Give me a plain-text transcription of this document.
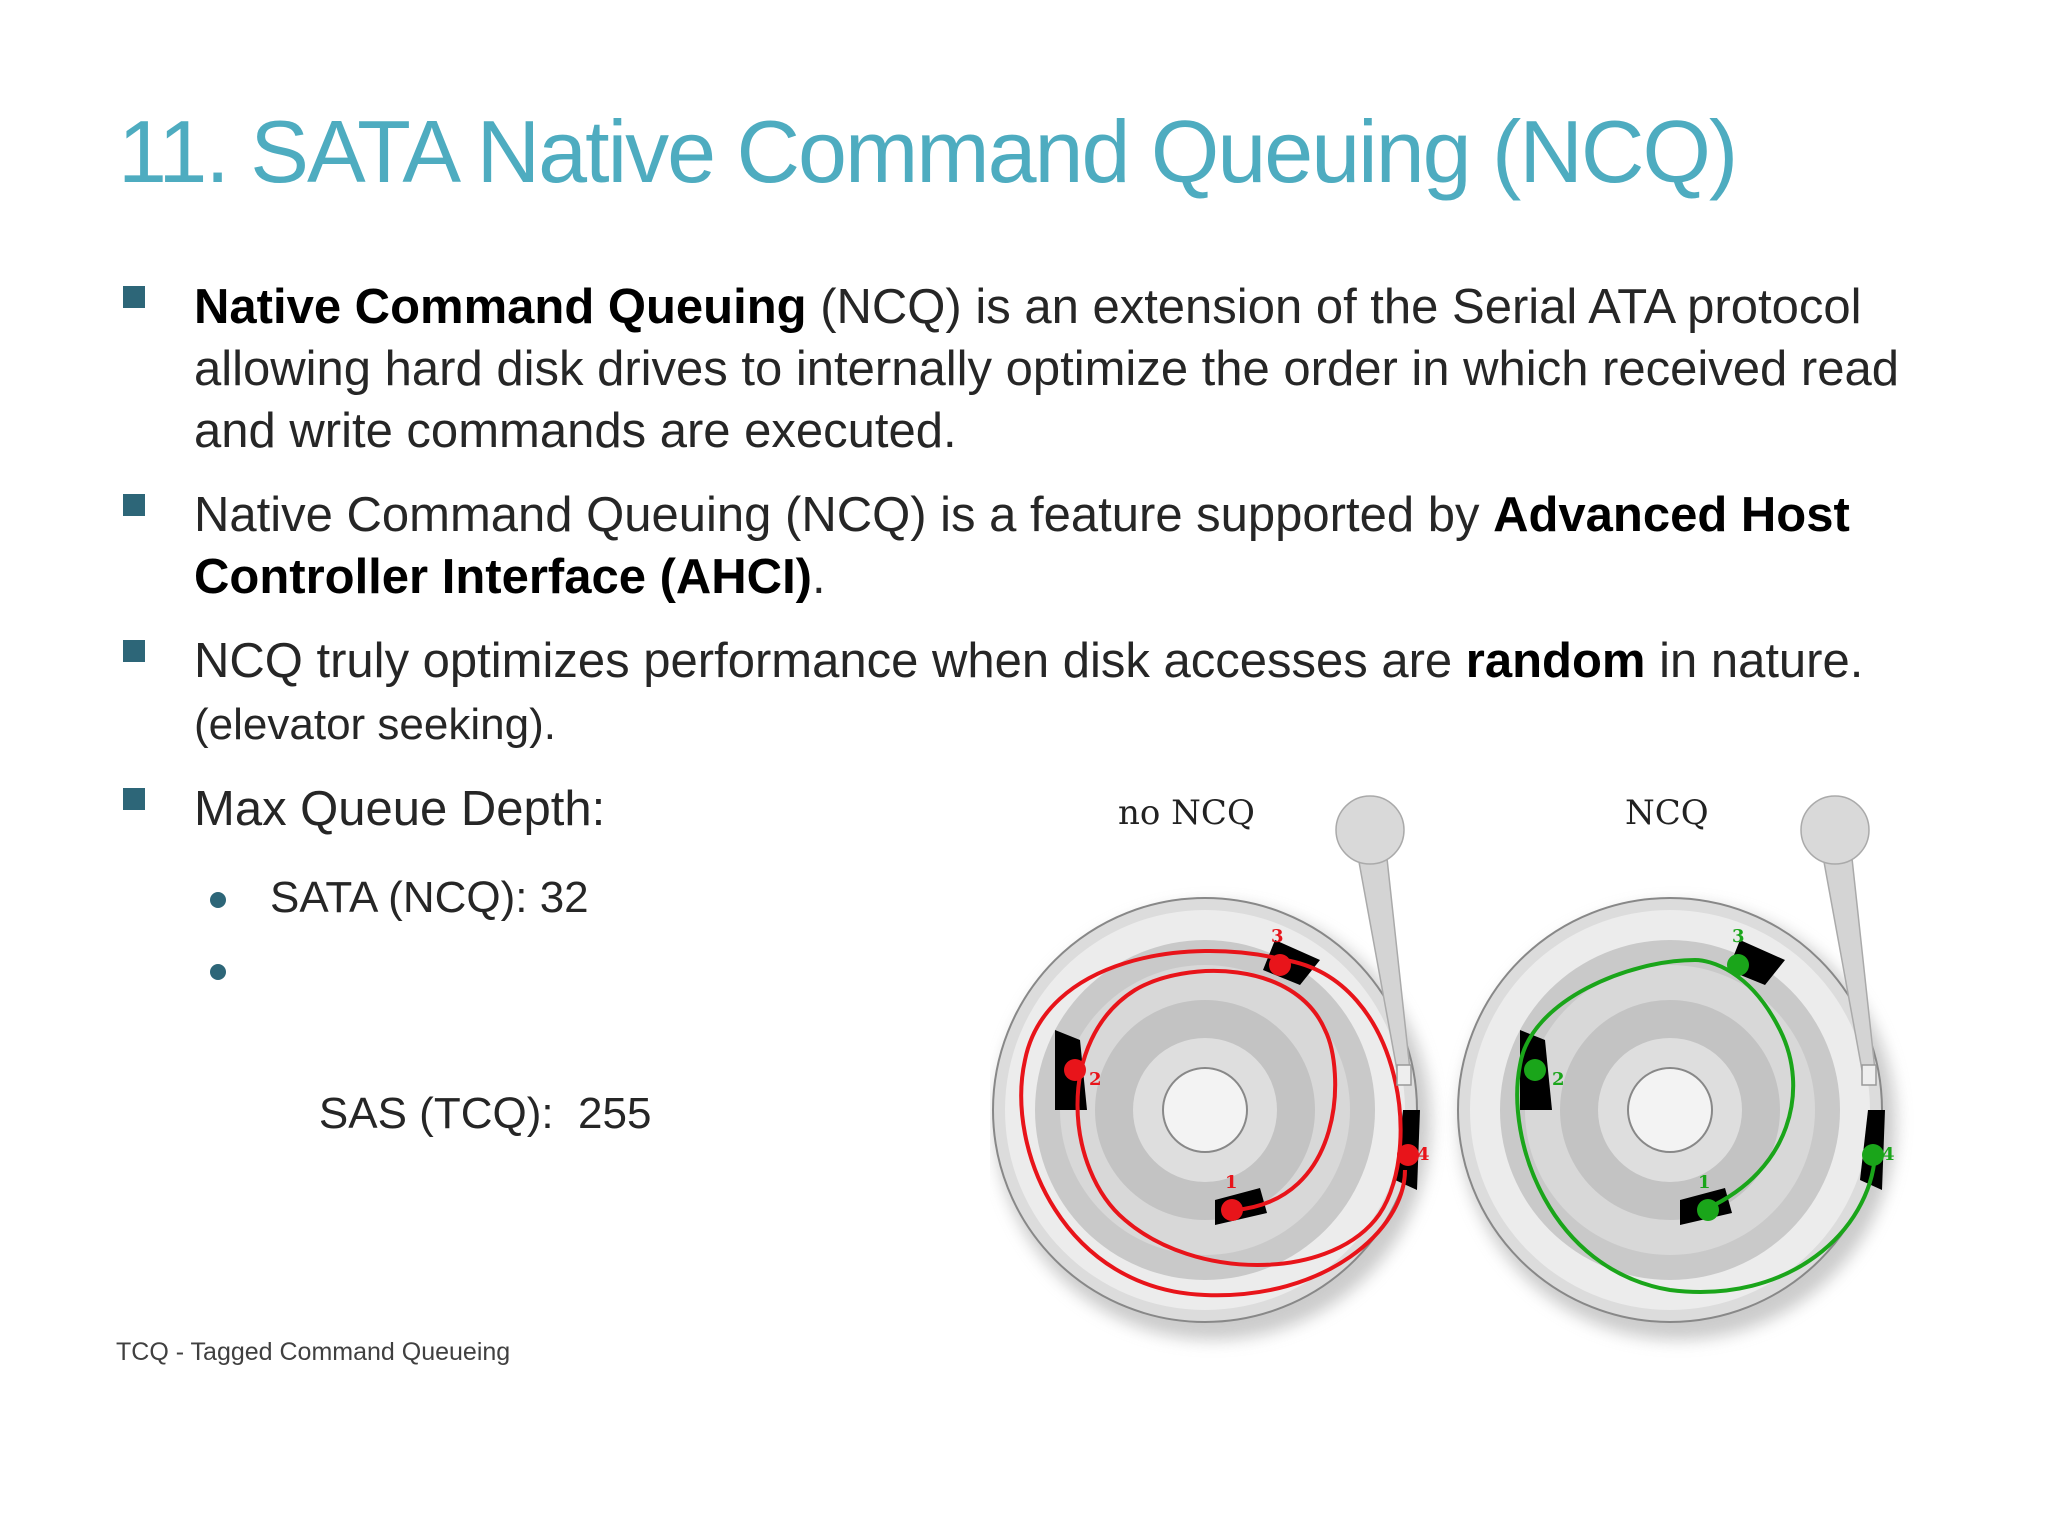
11. SATA Native Command Queuing (NCQ)
Native Command Queuing (NCQ) is an extension of the Serial ATA protocol allowing hard disk drives to internally optimize the order in which received read and write commands are executed.
Native Command Queuing (NCQ) is a feature supported by Advanced Host Controller Interface (AHCI).
NCQ truly optimizes performance when disk accesses are random in nature.
(elevator seeking).
Max Queue Depth:
SATA (NCQ): 32

SAS (TCQ):  255

TCQ - Tagged Command Queueing
1
2
3
4
no NCQ
1
2
3
4
NCQ
